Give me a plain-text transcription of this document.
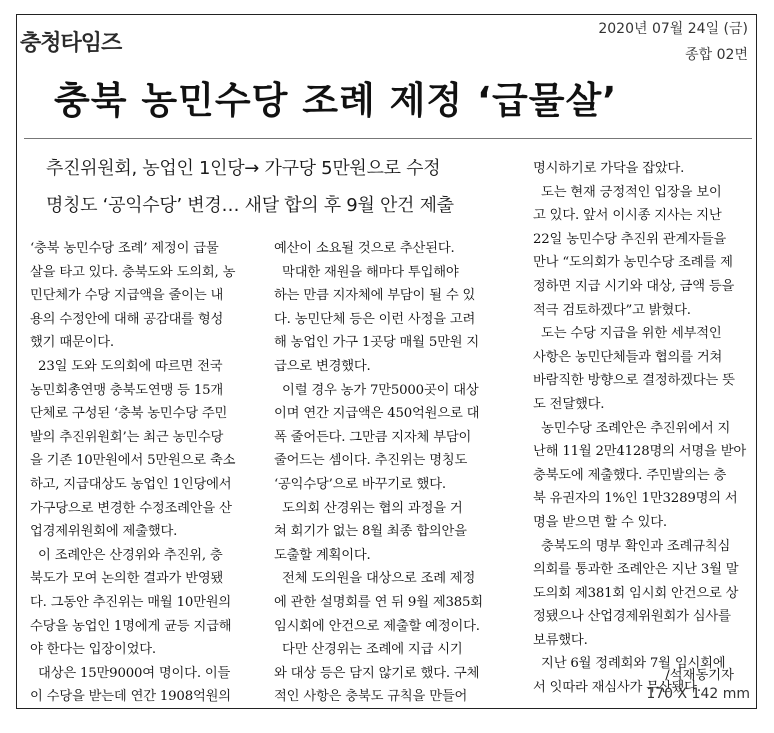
충청타임즈
2020년 07월 24일 (금)
종합 02면
충북 농민수당 조례 제정 ‘급물살’
추진위원회, 농업인 1인당→ 가구당 5만원으로 수정
명칭도 ‘공익수당’ 변경… 새달 합의 후 9월 안건 제출
‘충북 농민수당 조례’ 제정이 급물
살을 타고 있다. 충북도와 도의회, 농
민단체가 수당 지급액을 줄이는 내
용의 수정안에 대해 공감대를 형성
했기 때문이다.
23일 도와 도의회에 따르면 전국
농민회총연맹 충북도연맹 등 15개
단체로 구성된 ‘충북 농민수당 주민
발의 추진위원회’는 최근 농민수당
을 기존 10만원에서 5만원으로 축소
하고, 지급대상도 농업인 1인당에서
가구당으로 변경한 수정조례안을 산
업경제위원회에 제출했다.
이 조례안은 산경위와 추진위, 충
북도가 모여 논의한 결과가 반영됐
다. 그동안 추진위는 매월 10만원의
수당을 농업인 1명에게 균등 지급해
야 한다는 입장이었다.
대상은 15만9000여 명이다. 이들
이 수당을 받는데 연간 1908억원의
예산이 소요될 것으로 추산된다.
막대한 재원을 해마다 투입해야
하는 만큼 지자체에 부담이 될 수 있
다. 농민단체 등은 이런 사정을 고려
해 농업인 가구 1곳당 매월 5만원 지
급으로 변경했다.
이럴 경우 농가 7만5000곳이 대상
이며 연간 지급액은 450억원으로 대
폭 줄어든다. 그만큼 지자체 부담이
줄어드는 셈이다. 추진위는 명칭도
‘공익수당’으로 바꾸기로 했다.
도의회 산경위는 협의 과정을 거
쳐 회기가 없는 8월 최종 합의안을
도출할 계획이다.
전체 도의원을 대상으로 조례 제정
에 관한 설명회를 연 뒤 9월 제385회
임시회에 안건으로 제출할 예정이다.
다만 산경위는 조례에 지급 시기
와 대상 등은 담지 않기로 했다. 구체
적인 사항은 충북도 규칙을 만들어
명시하기로 가닥을 잡았다.
도는 현재 긍정적인 입장을 보이
고 있다. 앞서 이시종 지사는 지난
22일 농민수당 추진위 관계자들을
만나 “도의회가 농민수당 조례를 제
정하면 지급 시기와 대상, 금액 등을
적극 검토하겠다”고 밝혔다.
도는 수당 지급을 위한 세부적인
사항은 농민단체들과 협의를 거쳐
바람직한 방향으로 결정하겠다는 뜻
도 전달했다.
농민수당 조례안은 추진위에서 지
난해 11월 2만4128명의 서명을 받아
충북도에 제출했다. 주민발의는 충
북 유권자의 1%인 1만3289명의 서
명을 받으면 할 수 있다.
충북도의 명부 확인과 조례규칙심
의회를 통과한 조례안은 지난 3월 말
도의회 제381회 임시회 안건으로 상
정됐으나 산업경제위원회가 심사를
보류했다.
지난 6월 정례회와 7월 임시회에
서 잇따라 재심사가 무산됐다.
/석재동기자
170 X 142 mm
